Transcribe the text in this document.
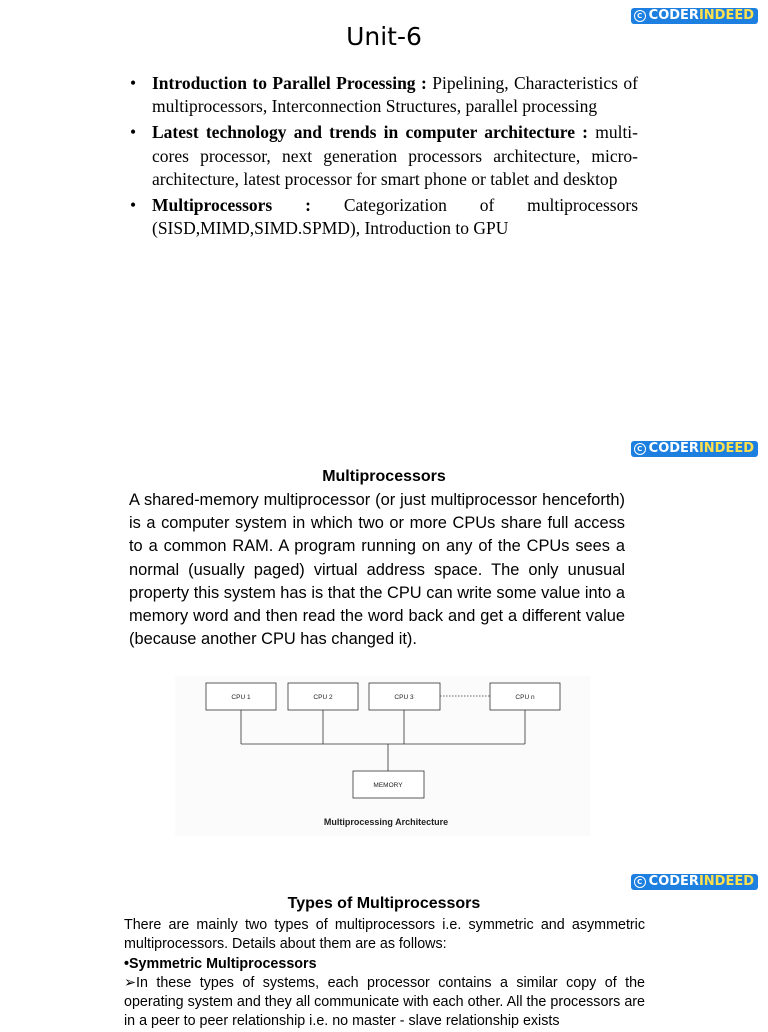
C CODER INDEED
Unit-6
• Introduction to Parallel Processing : Pipelining, Characteristics of multiprocessors, Interconnection Structures, parallel processing
• Latest technology and trends in computer architecture : multi-cores processor, next generation processors architecture, micro-architecture, latest processor for smart phone or tablet and desktop
• Multiprocessors : Categorization of multiprocessors (SISD,MIMD,SIMD.SPMD), Introduction to GPU
C CODER INDEED
Multiprocessors
A shared-memory multiprocessor (or just multiprocessor henceforth) is a computer system in which two or more CPUs share full access to a common RAM. A program running on any of the CPUs sees a normal (usually paged) virtual address space. The only unusual property this system has is that the CPU can write some value into a memory word and then read the word back and get a different value (because another CPU has changed it).
CPU 1	CPU 2	CPU 3	CPU n
MEMORY
Multiprocessing Architecture
C CODER INDEED
Types of Multiprocessors
There are mainly two types of multiprocessors i.e. symmetric and asymmetric multiprocessors. Details about them are as follows:
•Symmetric Multiprocessors
➢In these types of systems, each processor contains a similar copy of the operating system and they all communicate with each other. All the processors are in a peer to peer relationship i.e. no master - slave relationship exists
